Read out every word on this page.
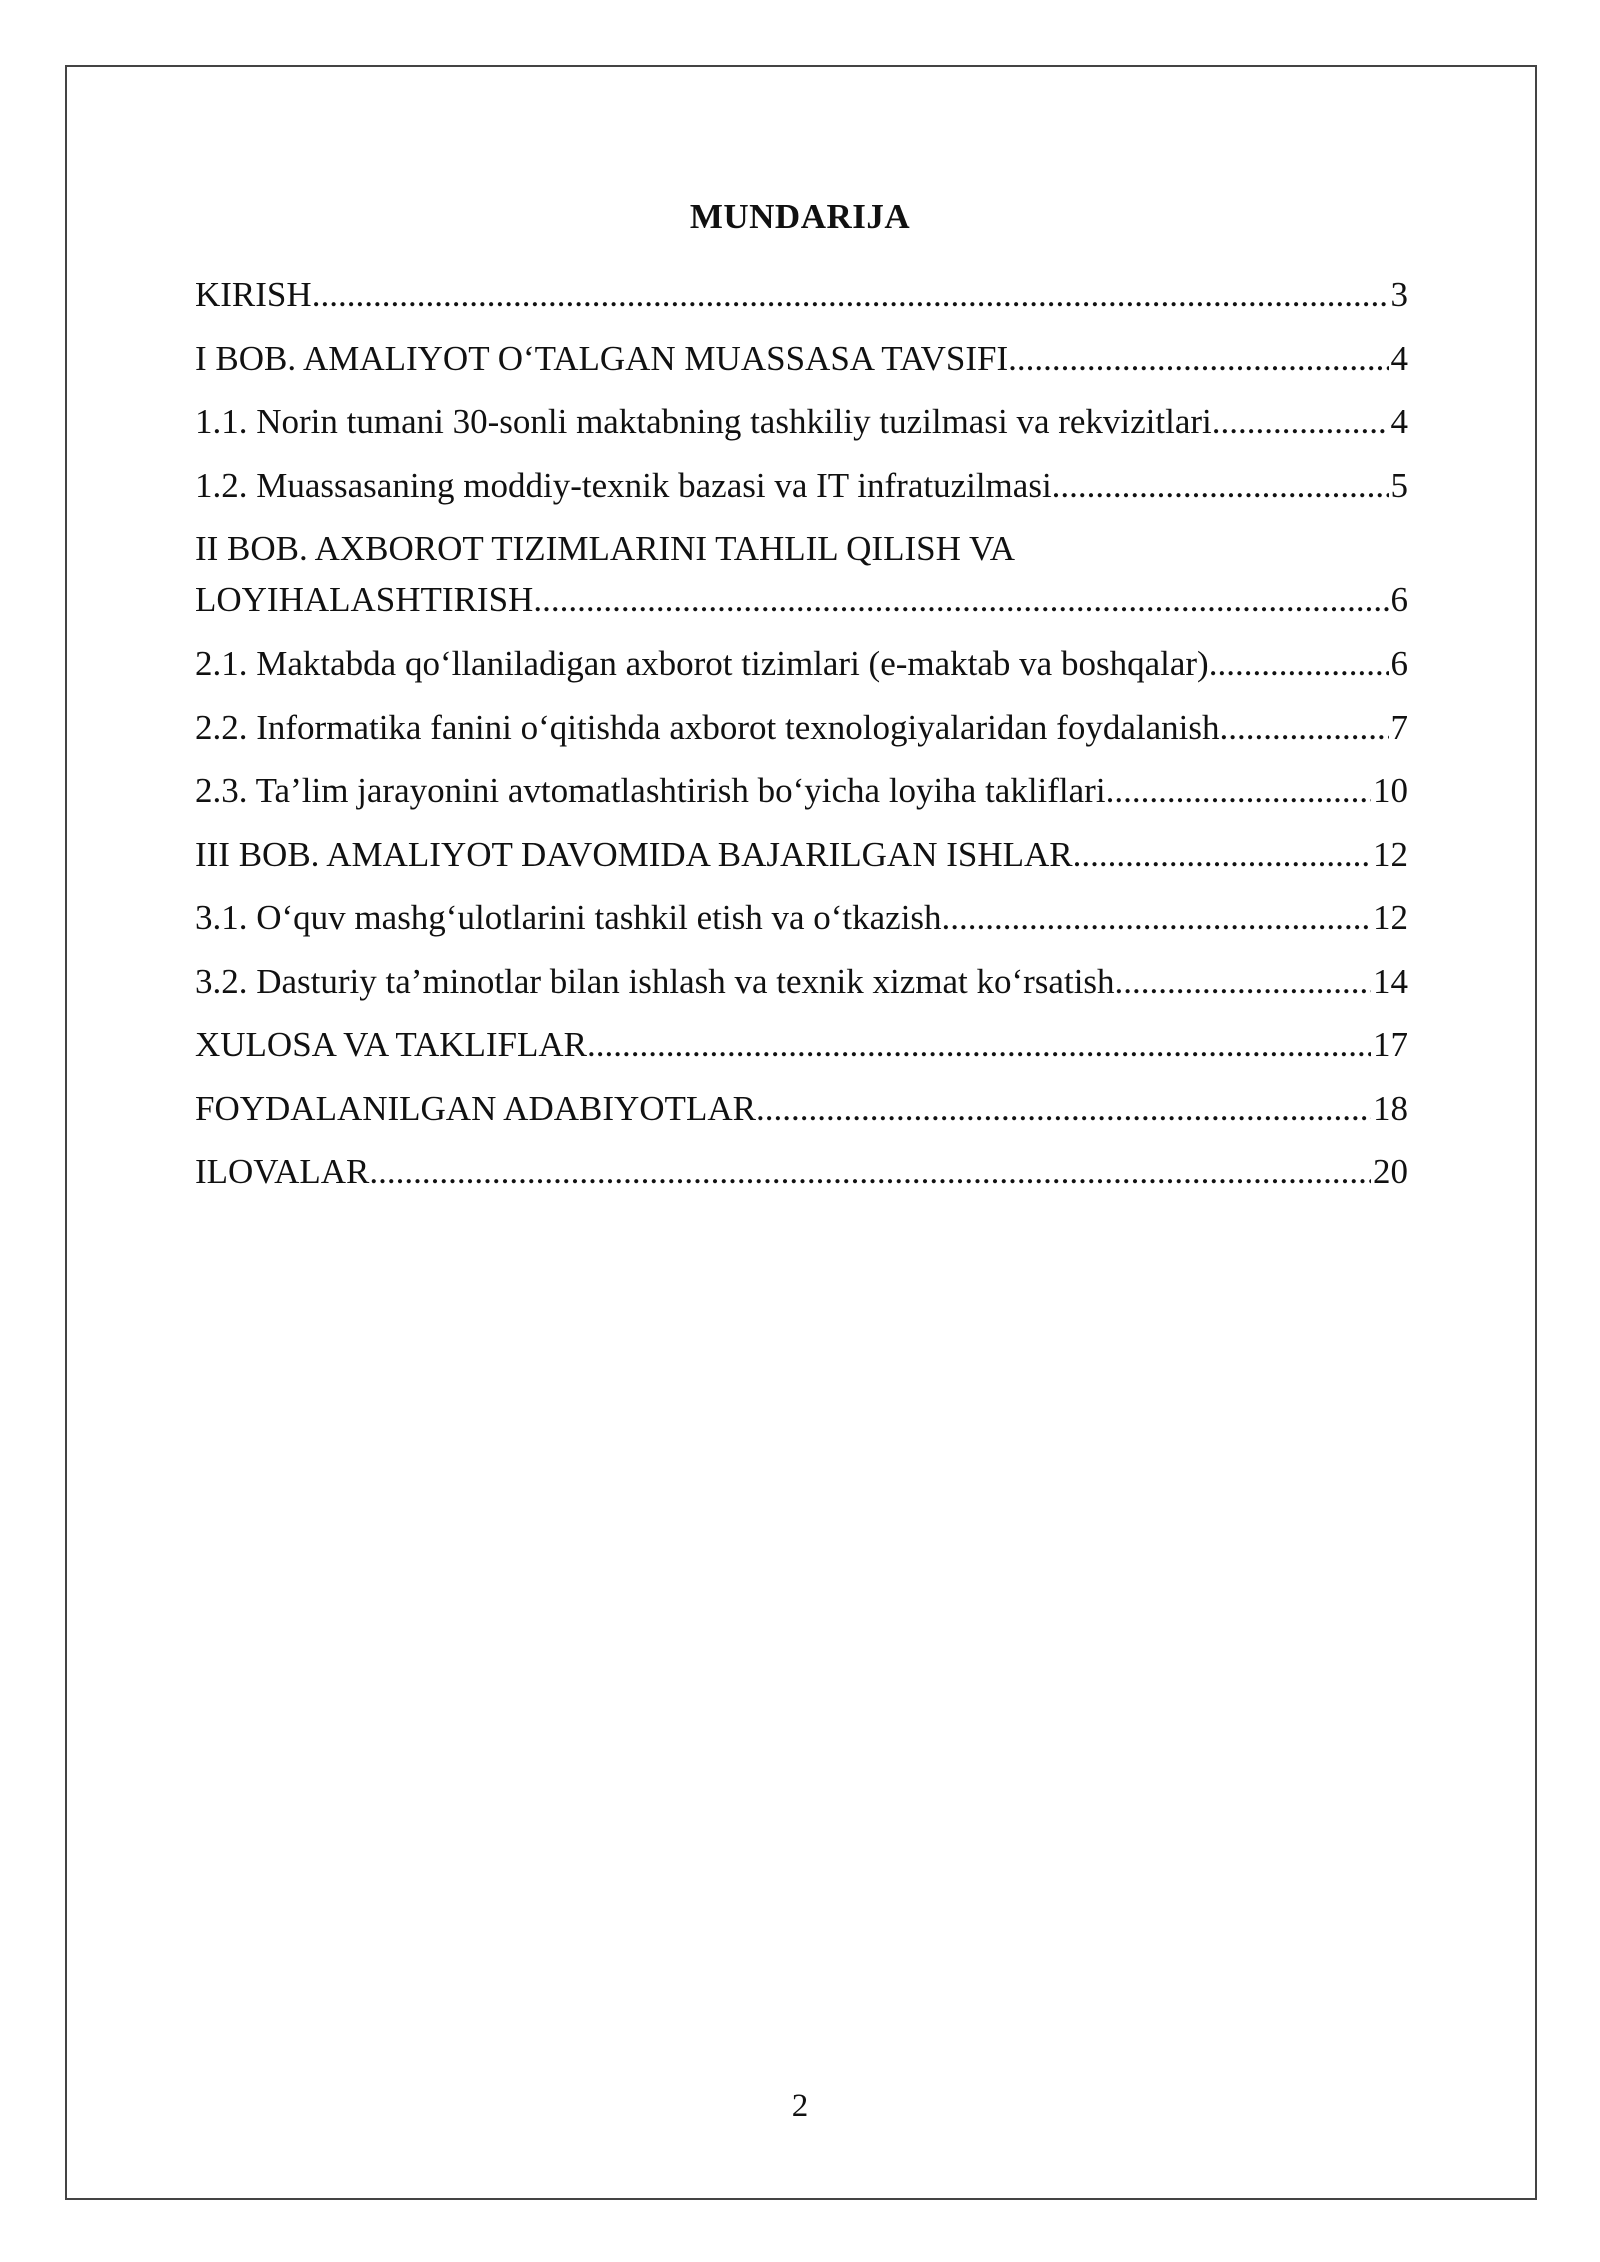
MUNDARIJA
KIRISH .....	3
I BOB. AMALIYOT O‘TALGAN MUASSASA TAVSIFI .....	4
1.1. Norin tumani 30-sonli maktabning tashkiliy tuzilmasi va rekvizitlari .....	4
1.2. Muassasaning moddiy-texnik bazasi va IT infratuzilmasi .....	5
II BOB. AXBOROT TIZIMLARINI TAHLIL QILISH VA
LOYIHALASHTIRISH .....	6
2.1. Maktabda qo‘llaniladigan axborot tizimlari (e-maktab va boshqalar) .....	6
2.2. Informatika fanini o‘qitishda axborot texnologiyalaridan foydalanish .....	7
2.3. Ta’lim jarayonini avtomatlashtirish bo‘yicha loyiha takliflari .....	10
III BOB. AMALIYOT DAVOMIDA BAJARILGAN ISHLAR .....	12
3.1. O‘quv mashg‘ulotlarini tashkil etish va o‘tkazish .....	12
3.2. Dasturiy ta’minotlar bilan ishlash va texnik xizmat ko‘rsatish .....	14
XULOSA VA TAKLIFLAR .....	17
FOYDALANILGAN ADABIYOTLAR .....	18
ILOVALAR .....	20
2
